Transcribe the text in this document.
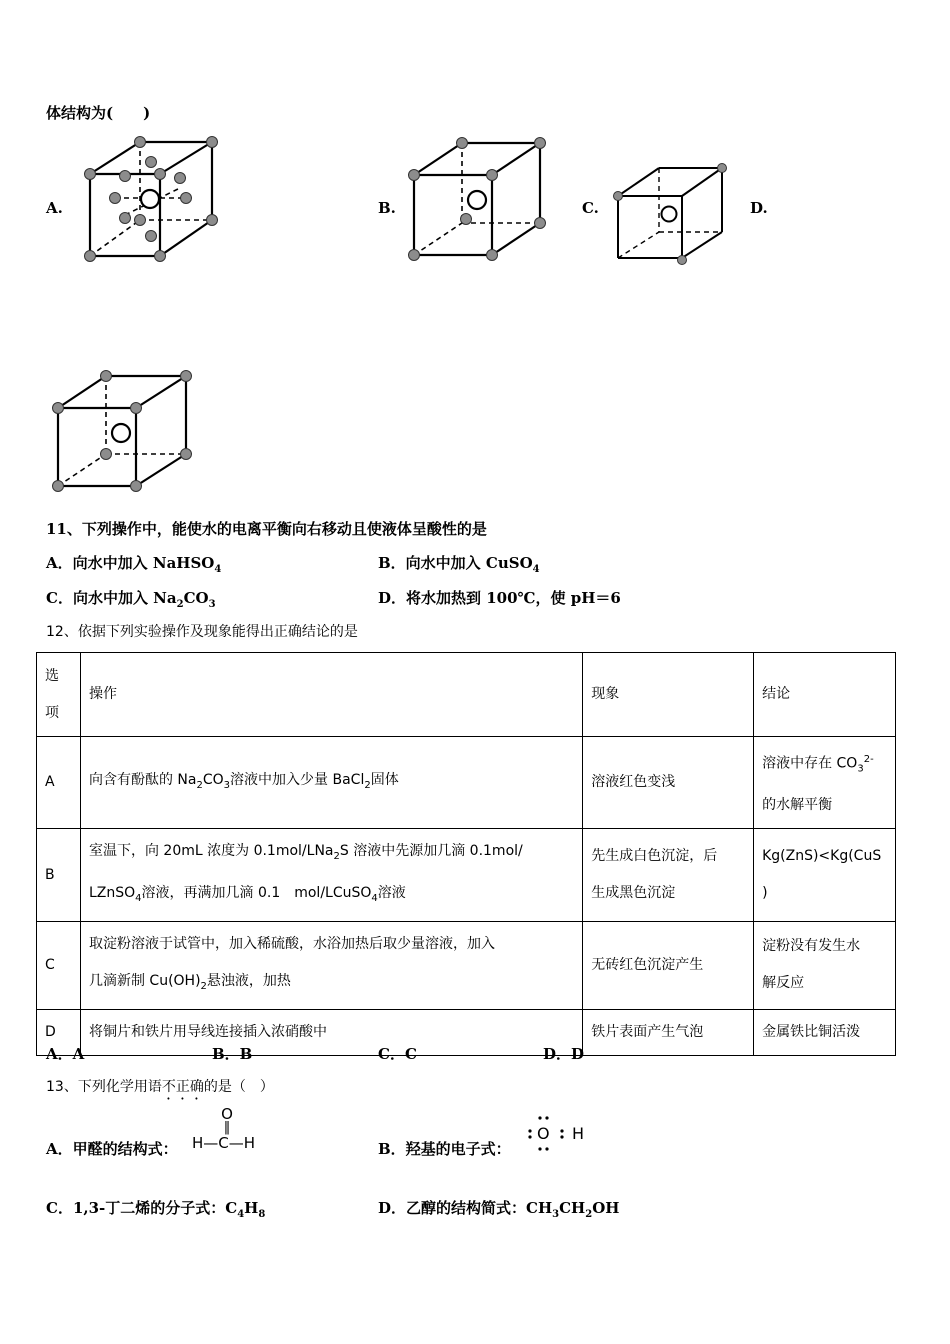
体结构为(　　)
A.	B.	C.	D.
11、下列操作中，能使水的电离平衡向右移动且使液体呈酸性的是
A．向水中加入 NaHSO$_4$	B．向水中加入 CuSO$_4$
C．向水中加入 $Na_2CO_3$	D．将水加热到 100℃，使 pH＝6
12、依据下列实验操作及现象能得出正确结论的是
选
项	操作	现象	结论
A	向含有酚酞的 $Na_2CO_3$溶液中加入少量 BaCl$_2$固体	溶液红色变浅	溶液中存在 $CO_3^{2-}$
的水解平衡
B	室温下，向 20mL 浓度为 0.1mol/LNa$_2$S 溶液中先源加几滴 0.1mol/
LZnSO$_4$溶液，再满加几滴 0.1　mol/LCuSO$_4$溶液	先生成白色沉淀，后
生成黑色沉淀	Kg(ZnS)<Kg(CuS
)
C	取淀粉溶液于试管中，加入稀硫酸，水浴加热后取少量溶液，加入
几滴新制 $Cu(OH)_2$悬浊液，加热	无砖红色沉淀产生	淀粉没有发生水
解反应
D	将铜片和铁片用导线连接插入浓硝酸中	铁片表面产生气泡	金属铁比铜活泼
A．A	B．B	C．C	D．D
13、下列化学用语不正确的是（　）
A．甲醛的结构式：
O
‖
H—C—H	B．羟基的电子式：
O H
C．1,3-丁二烯的分子式：$C_4H_8$	D．乙醇的结构简式：$CH_3CH_2OH$
